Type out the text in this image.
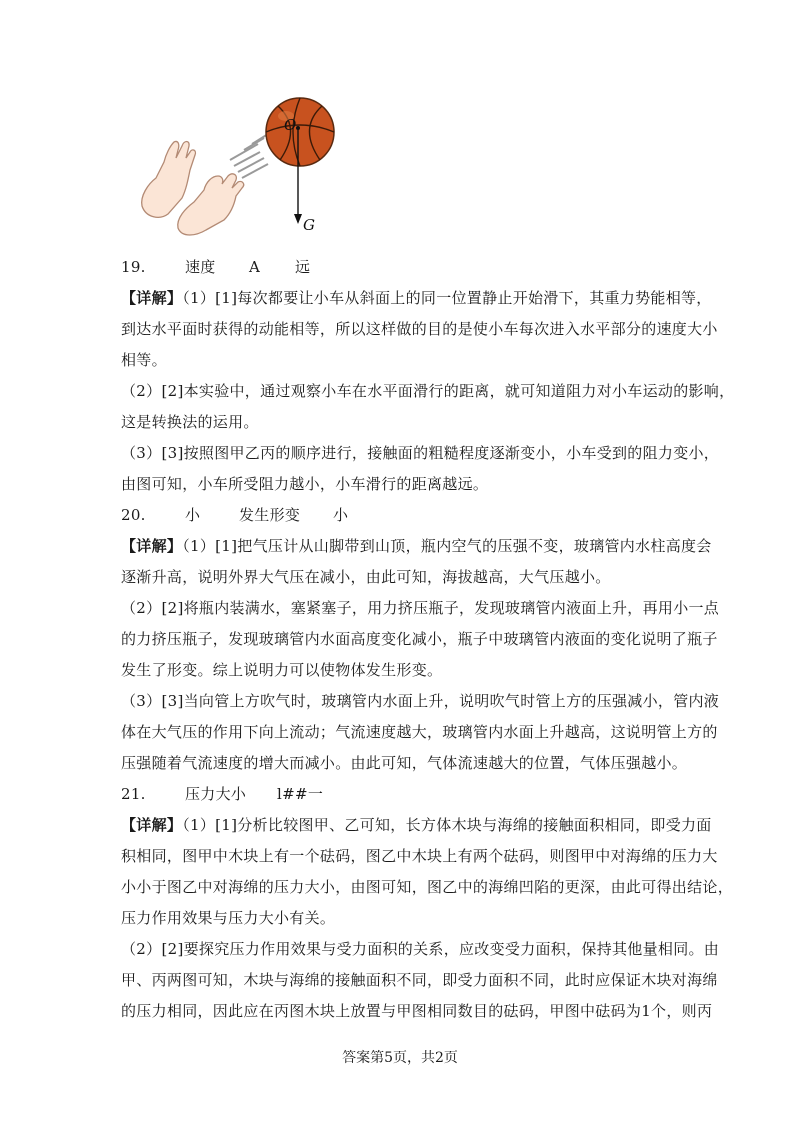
O
G
19.	速度 A 远
【详解】（1）[1]每次都要让小车从斜面上的同一位置静止开始滑下，其重力势能相等，
到达水平面时获得的动能相等，所以这样做的目的是使小车每次进入水平部分的速度大小
相等。
（2）[2]本实验中，通过观察小车在水平面滑行的距离，就可知道阻力对小车运动的影响，
这是转换法的运用。
（3）[3]按照图甲乙丙的顺序进行，接触面的粗糙程度逐渐变小，小车受到的阻力变小，
由图可知，小车所受阻力越小，小车滑行的距离越远。
20.	小	发生形变 小
【详解】（1）[1]把气压计从山脚带到山顶，瓶内空气的压强不变，玻璃管内水柱高度会
逐渐升高，说明外界大气压在减小，由此可知，海拔越高，大气压越小。
（2）[2]将瓶内装满水，塞紧塞子，用力挤压瓶子，发现玻璃管内液面上升，再用小一点
的力挤压瓶子，发现玻璃管内水面高度变化减小，瓶子中玻璃管内液面的变化说明了瓶子
发生了形变。综上说明力可以使物体发生形变。
（3）[3]当向管上方吹气时，玻璃管内水面上升，说明吹气时管上方的压强减小，管内液
体在大气压的作用下向上流动；气流速度越大，玻璃管内水面上升越高，这说明管上方的
压强随着气流速度的增大而减小。由此可知，气体流速越大的位置，气体压强越小。
21.	压力大小 l##一
【详解】（1）[1]分析比较图甲、乙可知，长方体木块与海绵的接触面积相同，即受力面
积相同，图甲中木块上有一个砝码，图乙中木块上有两个砝码，则图甲中对海绵的压力大
小小于图乙中对海绵的压力大小，由图可知，图乙中的海绵凹陷的更深，由此可得出结论，
压力作用效果与压力大小有关。
（2）[2]要探究压力作用效果与受力面积的关系，应改变受力面积，保持其他量相同。由
甲、丙两图可知，木块与海绵的接触面积不同，即受力面积不同，此时应保证木块对海绵
的压力相同，因此应在丙图木块上放置与甲图相同数目的砝码，甲图中砝码为1个，则丙
答案第5页，共2页
